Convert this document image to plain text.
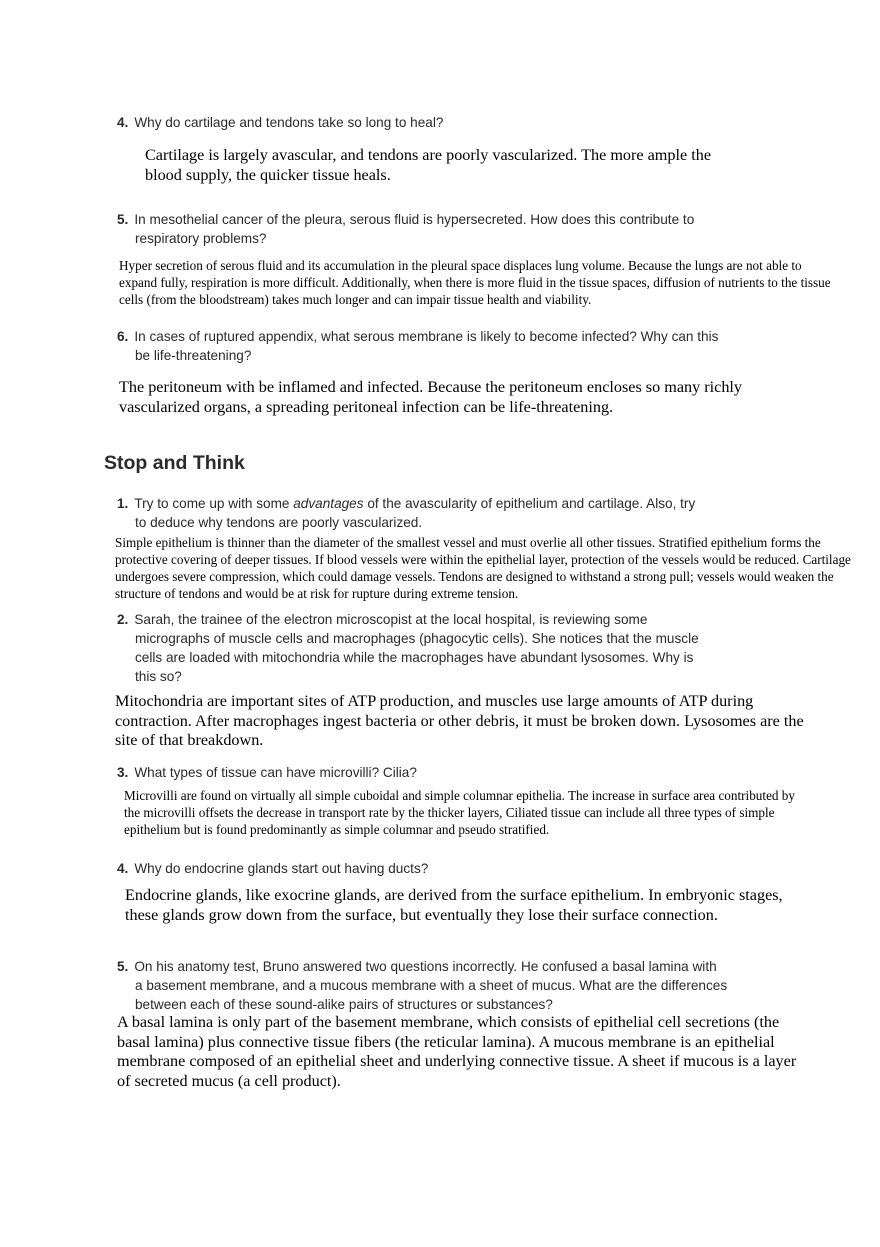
4. Why do cartilage and tendons take so long to heal?
Cartilage is largely avascular, and tendons are poorly vascularized. The more ample the blood supply, the quicker tissue heals.
5. In mesothelial cancer of the pleura, serous fluid is hypersecreted. How does this contribute to
respiratory problems?
Hyper secretion of serous fluid and its accumulation in the pleural space displaces lung volume. Because the lungs are not able to expand fully, respiration is more difficult. Additionally, when there is more fluid in the tissue spaces, diffusion of nutrients to the tissue cells (from the bloodstream) takes much longer and can impair tissue health and viability.
6. In cases of ruptured appendix, what serous membrane is likely to become infected? Why can this
be life-threatening?
The peritoneum with be inflamed and infected. Because the peritoneum encloses so many richly vascularized organs, a spreading peritoneal infection can be life-threatening.
Stop and Think
1. Try to come up with some advantages of the avascularity of epithelium and cartilage. Also, try
to deduce why tendons are poorly vascularized.
Simple epithelium is thinner than the diameter of the smallest vessel and must overlie all other tissues. Stratified epithelium forms the protective covering of deeper tissues. If blood vessels were within the epithelial layer, protection of the vessels would be reduced. Cartilage undergoes severe compression, which could damage vessels. Tendons are designed to withstand a strong pull; vessels would weaken the structure of tendons and would be at risk for rupture during extreme tension.
2. Sarah, the trainee of the electron microscopist at the local hospital, is reviewing some
micrographs of muscle cells and macrophages (phagocytic cells). She notices that the muscle
cells are loaded with mitochondria while the macrophages have abundant lysosomes. Why is
this so?
Mitochondria are important sites of ATP production, and muscles use large amounts of ATP during contraction. After macrophages ingest bacteria or other debris, it must be broken down. Lysosomes are the site of that breakdown.
3. What types of tissue can have microvilli? Cilia?
Microvilli are found on virtually all simple cuboidal and simple columnar epithelia. The increase in surface area contributed by the microvilli offsets the decrease in transport rate by the thicker layers, Ciliated tissue can include all three types of simple epithelium but is found predominantly as simple columnar and pseudo stratified.
4. Why do endocrine glands start out having ducts?
Endocrine glands, like exocrine glands, are derived from the surface epithelium. In embryonic stages, these glands grow down from the surface, but eventually they lose their surface connection.
5. On his anatomy test, Bruno answered two questions incorrectly. He confused a basal lamina with
a basement membrane, and a mucous membrane with a sheet of mucus. What are the differences
between each of these sound-alike pairs of structures or substances?
A basal lamina is only part of the basement membrane, which consists of epithelial cell secretions (the basal lamina) plus connective tissue fibers (the reticular lamina). A mucous membrane is an epithelial membrane composed of an epithelial sheet and underlying connective tissue. A sheet if mucous is a layer of secreted mucus (a cell product).
